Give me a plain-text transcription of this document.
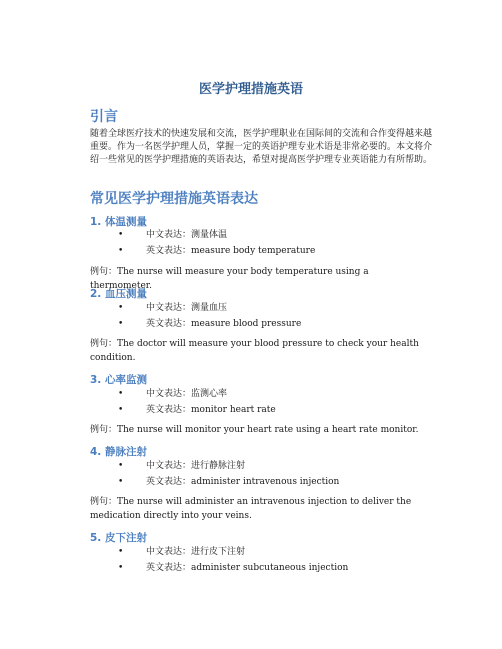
医学护理措施英语
引言
随着全球医疗技术的快速发展和交流，医学护理职业在国际间的交流和合作变得越来越重要。作为一名医学护理人员，掌握一定的英语护理专业术语是非常必要的。本文将介绍一些常见的医学护理措施的英语表达，希望对提高医学护理专业英语能力有所帮助。
常见医学护理措施英语表达
1. 体温测量
•	中文表达：测量体温
•	英文表达：measure body temperature
例句：The nurse will measure your body temperature using a thermometer.
2. 血压测量
•	中文表达：测量血压
•	英文表达：measure blood pressure
例句：The doctor will measure your blood pressure to check your health condition.
3. 心率监测
•	中文表达：监测心率
•	英文表达：monitor heart rate
例句：The nurse will monitor your heart rate using a heart rate monitor.
4. 静脉注射
•	中文表达：进行静脉注射
•	英文表达：administer intravenous injection
例句：The nurse will administer an intravenous injection to deliver the medication directly into your veins.
5. 皮下注射
•	中文表达：进行皮下注射
•	英文表达：administer subcutaneous injection
